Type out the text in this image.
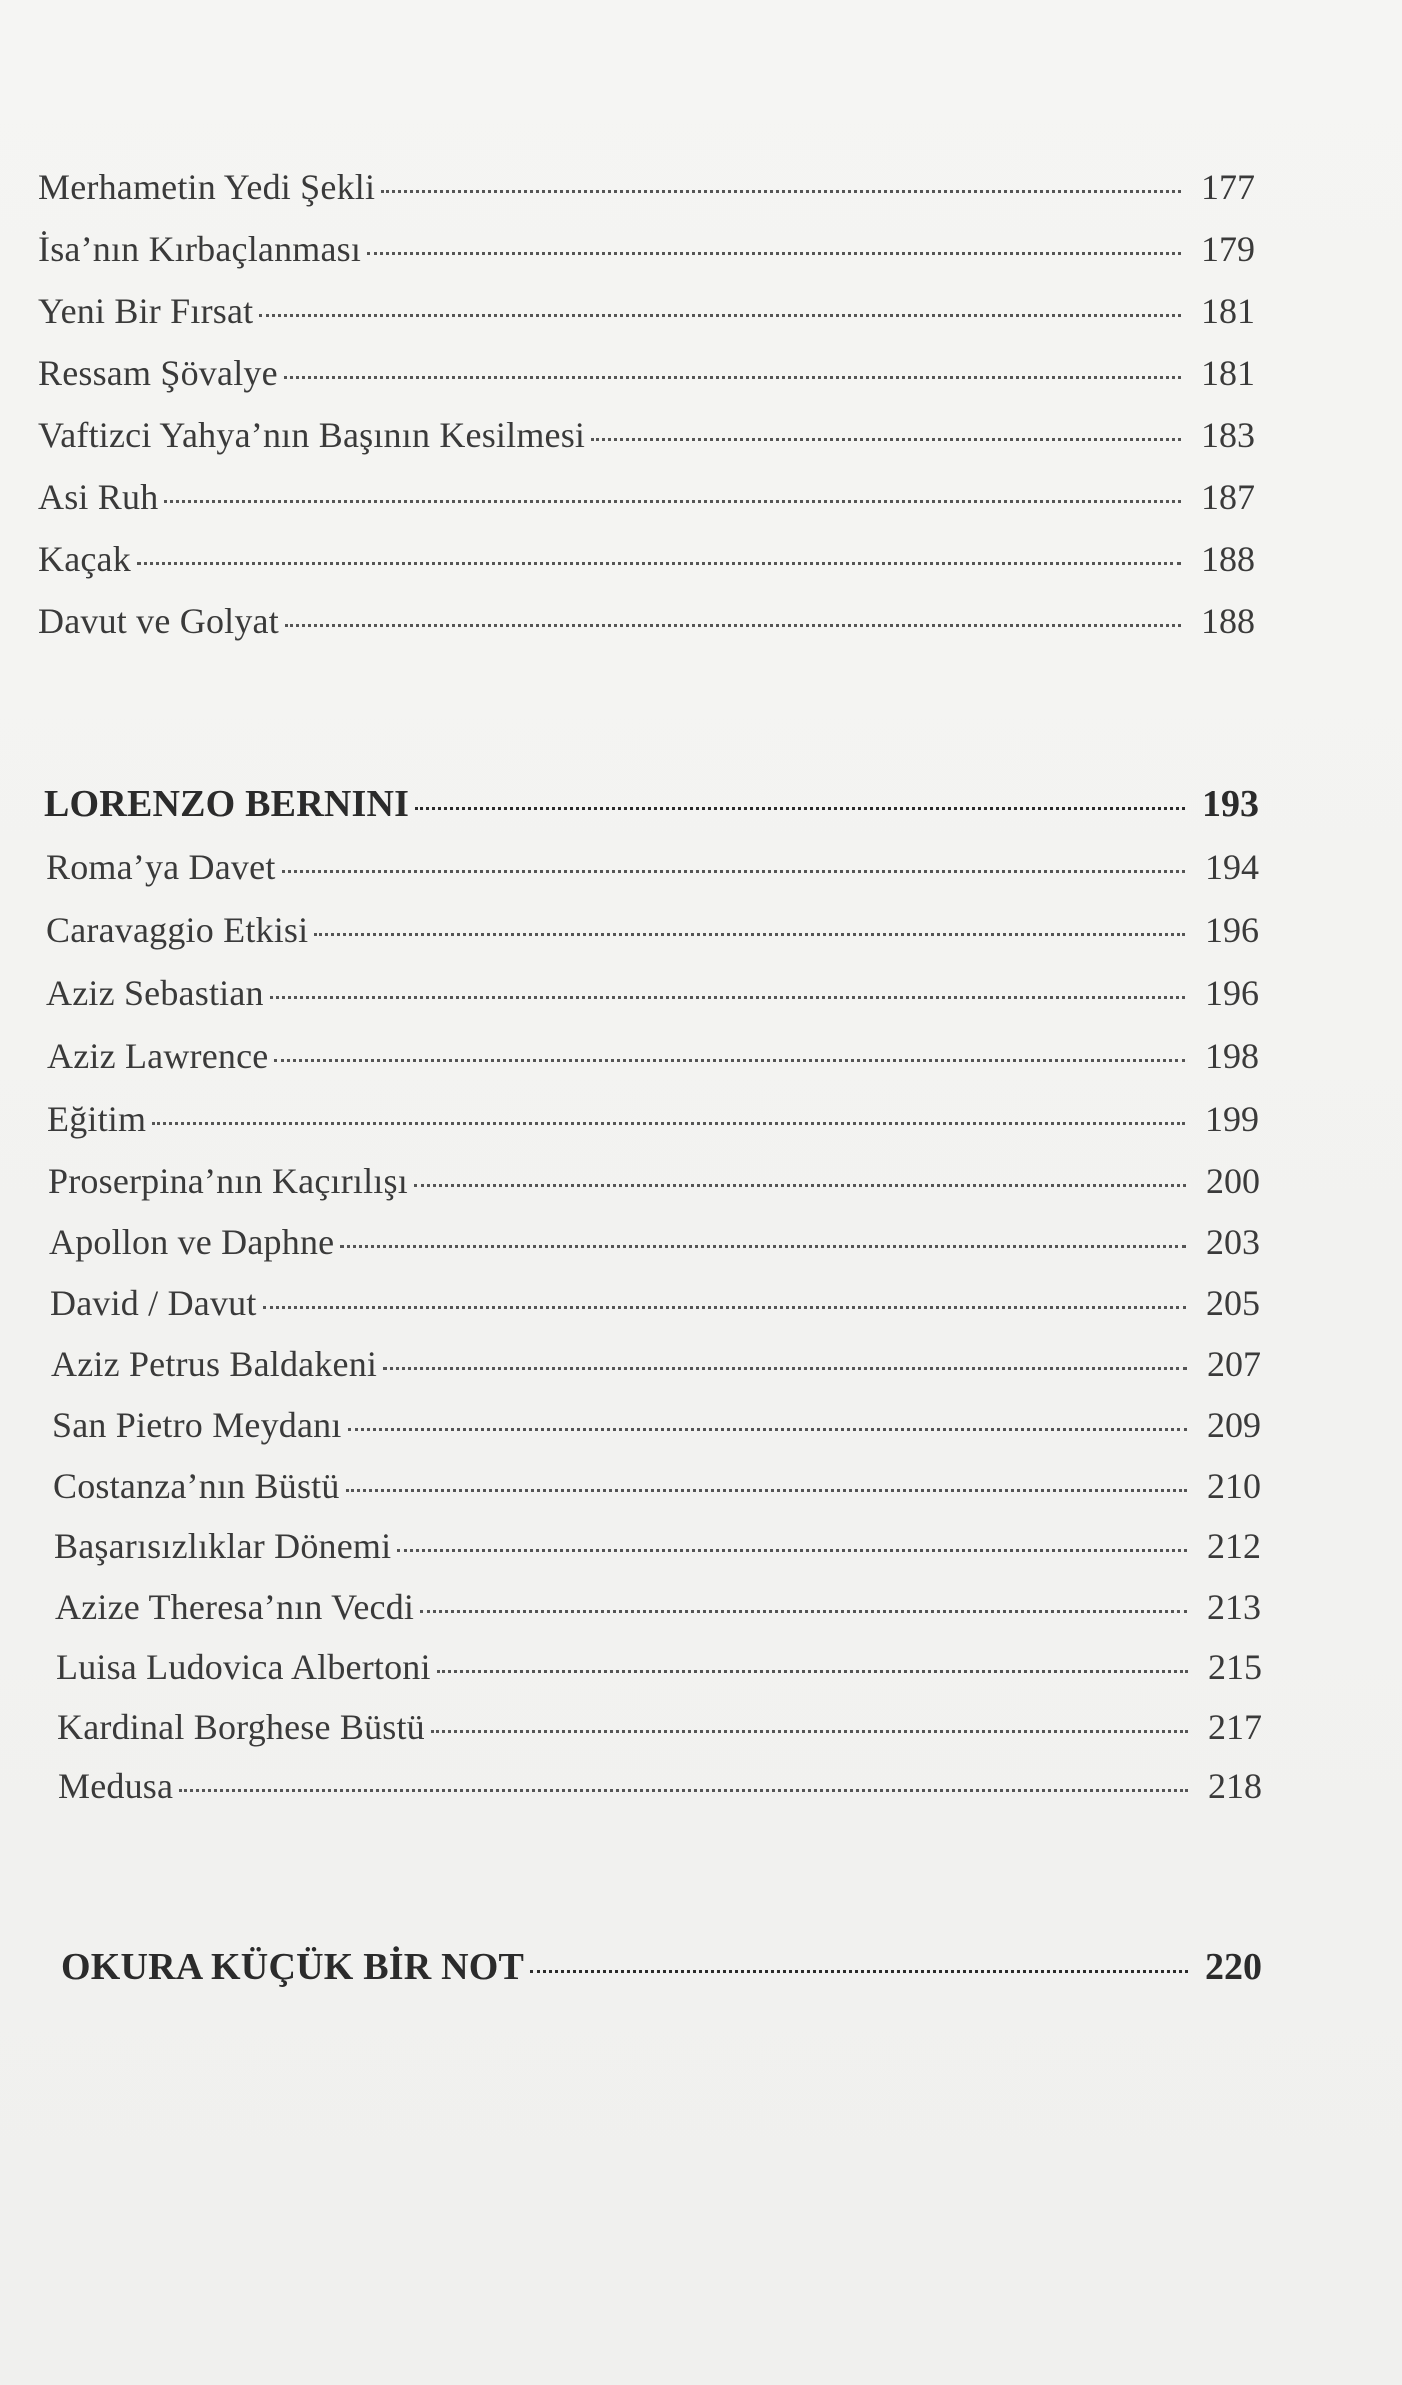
Merhametin Yedi Şekli	177
İsa’nın Kırbaçlanması	179
Yeni Bir Fırsat	181
Ressam Şövalye	181
Vaftizci Yahya’nın Başının Kesilmesi	183
Asi Ruh	187
Kaçak	188
Davut ve Golyat	188
LORENZO BERNINI	193
Roma’ya Davet	194
Caravaggio Etkisi	196
Aziz Sebastian	196
Aziz Lawrence	198
Eğitim	199
Proserpina’nın Kaçırılışı	200
Apollon ve Daphne	203
David / Davut	205
Aziz Petrus Baldakeni	207
San Pietro Meydanı	209
Costanza’nın Büstü	210
Başarısızlıklar Dönemi	212
Azize Theresa’nın Vecdi	213
Luisa Ludovica Albertoni	215
Kardinal Borghese Büstü	217
Medusa	218
OKURA KÜÇÜK BİR NOT	220
